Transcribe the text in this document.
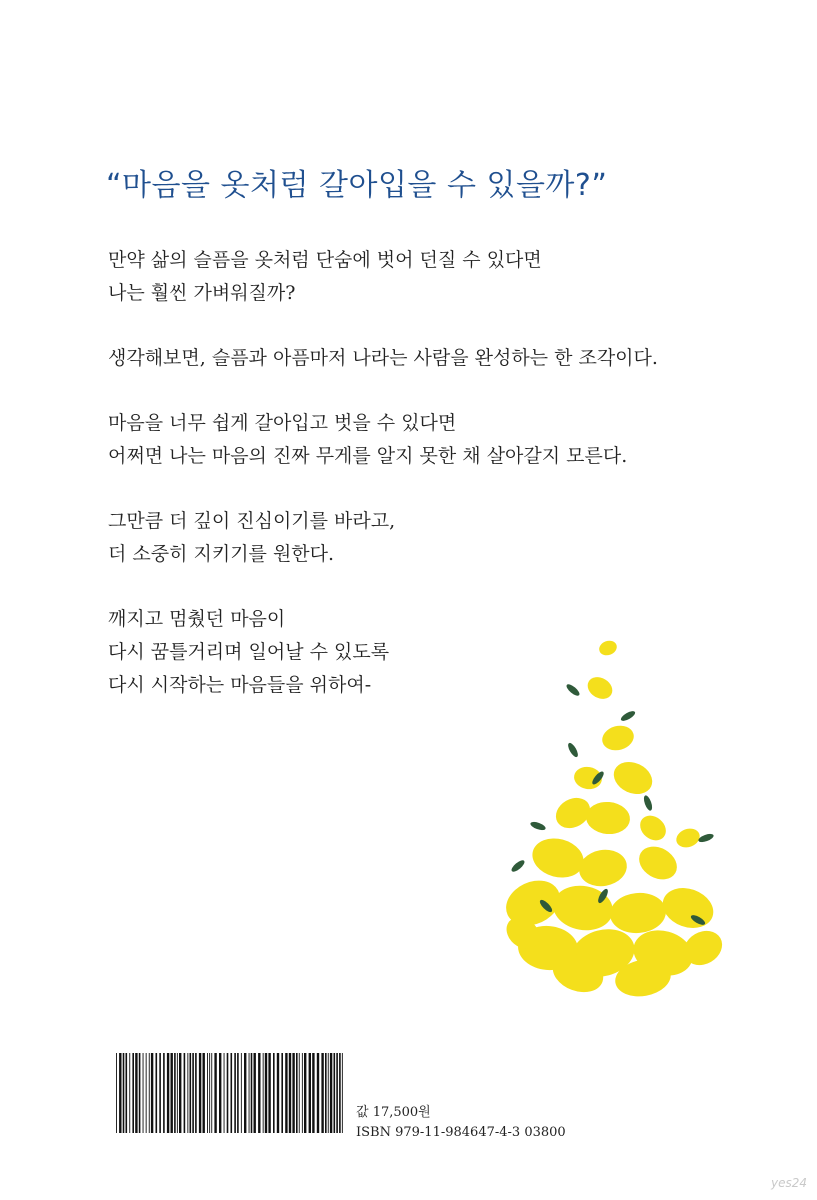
“마음을 옷처럼 갈아입을 수 있을까?”

만약 삶의 슬픔을 옷처럼 단숨에 벗어 던질 수 있다면
나는 훨씬 가벼워질까?

생각해보면, 슬픔과 아픔마저 나라는 사람을 완성하는 한 조각이다.

마음을 너무 쉽게 갈아입고 벗을 수 있다면
어쩌면 나는 마음의 진짜 무게를 알지 못한 채 살아갈지 모른다.

그만큼 더 깊이 진심이기를 바라고,
더 소중히 지키기를 원한다.

깨지고 멈췄던 마음이
다시 꿈틀거리며 일어날 수 있도록
다시 시작하는 마음들을 위하여-

값 17,500원
ISBN 979-11-984647-4-3 03800
yes24
